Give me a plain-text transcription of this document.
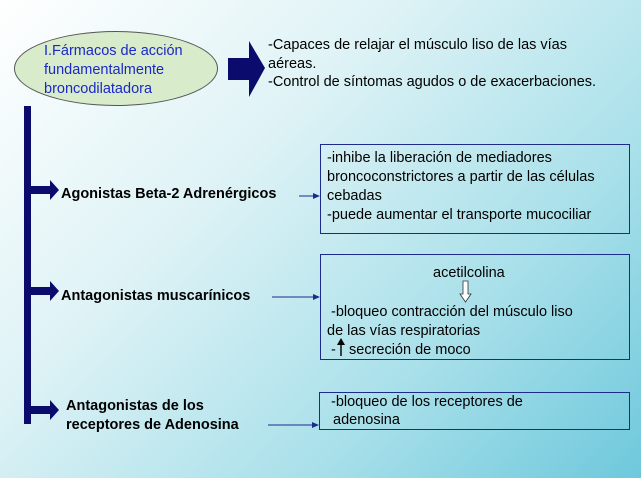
I.Fármacos de acción
fundamentalmente
broncodilatadora
-Capaces de relajar el músculo liso de las vías
aéreas.
-Control de síntomas agudos o de exacerbaciones.
Agonistas Beta-2 Adrenérgicos
-inhibe la liberación de mediadores
broncoconstrictores a partir de las células
cebadas
-puede aumentar el transporte mucociliar
Antagonistas muscarínicos
acetilcolina
-bloqueo contracción del músculo liso
de las vías respiratorias
- secreción de moco
Antagonistas de los
receptores de Adenosina
-bloqueo de los receptores de
adenosina
